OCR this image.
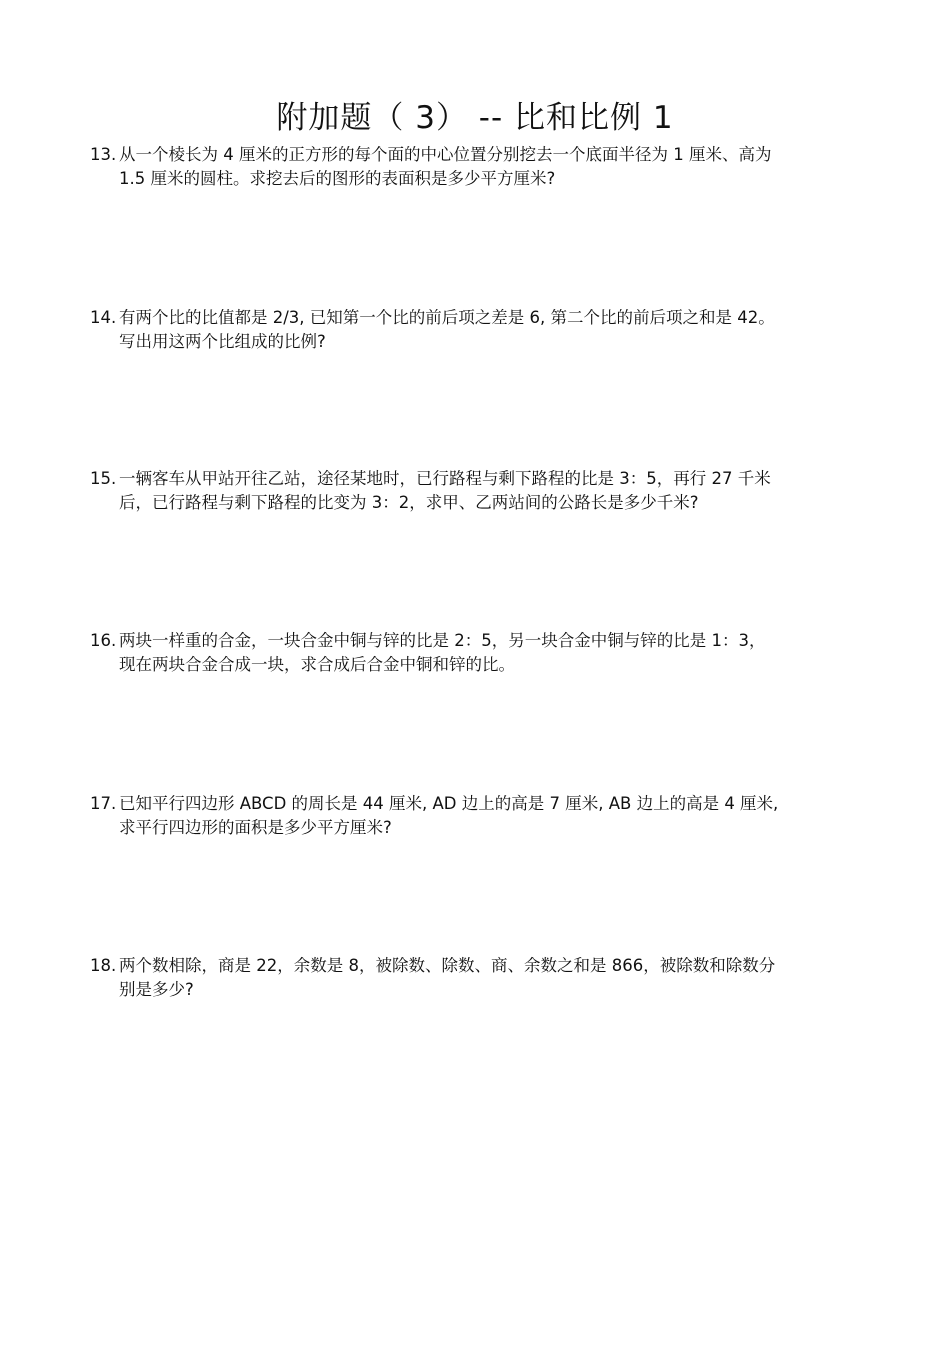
附加题（ 3） -- 比和比例 1
13. 从一个棱长为 4 厘米的正方形的每个面的中心位置分别挖去一个底面半径为 1 厘米、高为
1.5 厘米的圆柱。求挖去后的图形的表面积是多少平方厘米?
14. 有两个比的比值都是 2/3, 已知第一个比的前后项之差是 6, 第二个比的前后项之和是 42。
写出用这两个比组成的比例?
15. 一辆客车从甲站开往乙站，途径某地时，已行路程与剩下路程的比是 3：5，再行 27 千米
后，已行路程与剩下路程的比变为 3：2，求甲、乙两站间的公路长是多少千米?
16. 两块一样重的合金，一块合金中铜与锌的比是 2：5，另一块合金中铜与锌的比是 1：3，
现在两块合金合成一块，求合成后合金中铜和锌的比。
17. 已知平行四边形 ABCD 的周长是 44 厘米, AD 边上的高是 7 厘米, AB 边上的高是 4 厘米,
求平行四边形的面积是多少平方厘米?
18. 两个数相除，商是 22，余数是 8，被除数、除数、商、余数之和是 866，被除数和除数分
别是多少?
